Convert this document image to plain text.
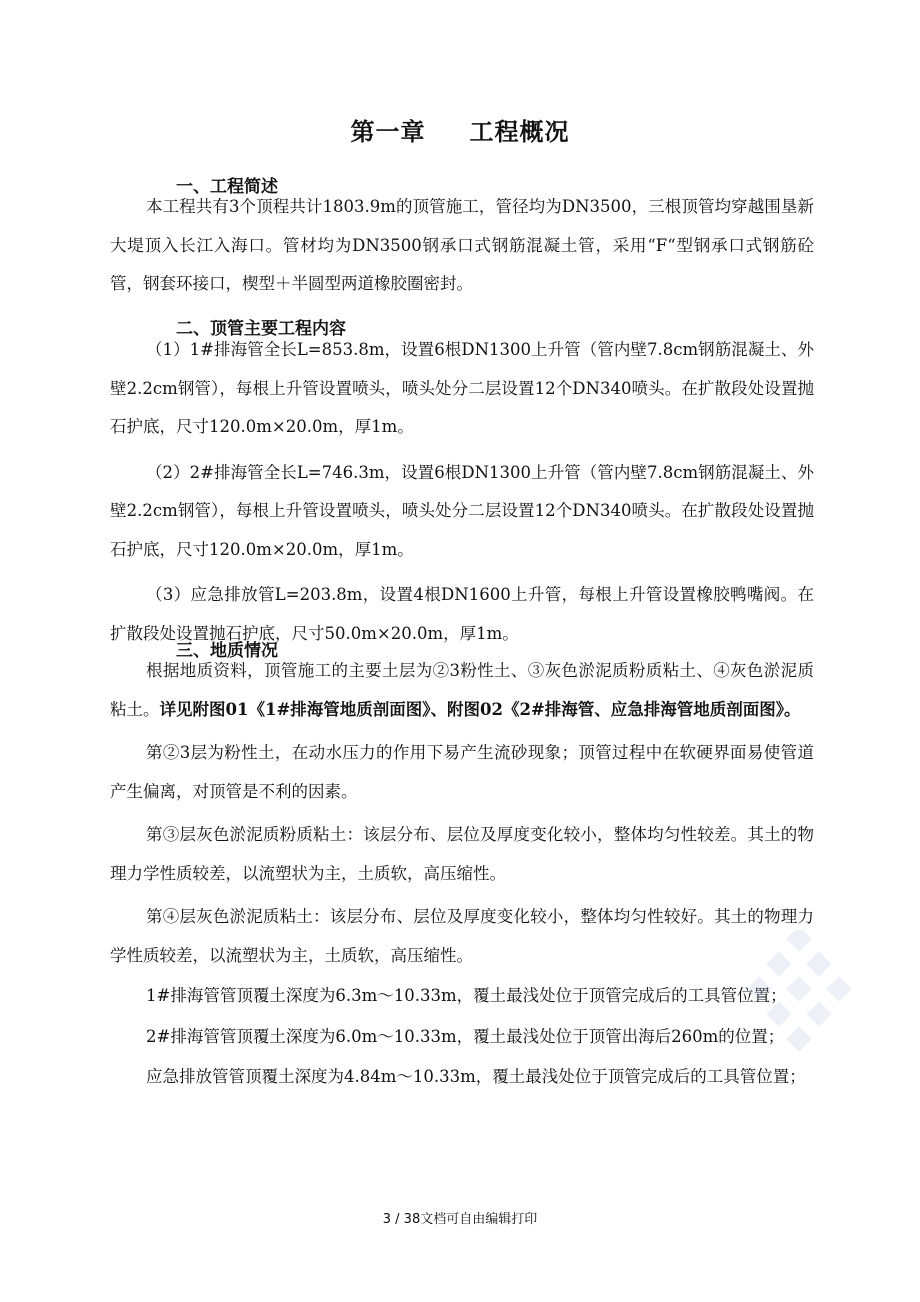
第一章 工程概况
一、工程简述

本工程共有3个顶程共计1803.9m的顶管施工，管径均为DN3500，三根顶管均穿越围垦新大堤顶入长江入海口。管材均为DN3500钢承口式钢筋混凝土管，采用“F“型钢承口式钢筋砼管，钢套环接口，楔型＋半圆型两道橡胶圈密封。

二、顶管主要工程内容

（1）1#排海管全长L=853.8m，设置6根DN1300上升管（管内壁7.8cm钢筋混凝土、外壁2.2cm钢管），每根上升管设置喷头，喷头处分二层设置12个DN340喷头。在扩散段处设置抛石护底，尺寸120.0m×20.0m，厚1m。

（2）2#排海管全长L=746.3m，设置6根DN1300上升管（管内壁7.8cm钢筋混凝土、外壁2.2cm钢管），每根上升管设置喷头，喷头处分二层设置12个DN340喷头。在扩散段处设置抛石护底，尺寸120.0m×20.0m，厚1m。

（3）应急排放管L=203.8m，设置4根DN1600上升管，每根上升管设置橡胶鸭嘴阀。在扩散段处设置抛石护底，尺寸50.0m×20.0m，厚1m。

三、地质情况

根据地质资料，顶管施工的主要土层为②3粉性土、③灰色淤泥质粉质粘土、④灰色淤泥质粘土。详见附图01《1#排海管地质剖面图》、附图02《2#排海管、应急排海管地质剖面图》。

第②3层为粉性土，在动水压力的作用下易产生流砂现象；顶管过程中在软硬界面易使管道产生偏离，对顶管是不利的因素。

第③层灰色淤泥质粉质粘土：该层分布、层位及厚度变化较小，整体均匀性较差。其土的物理力学性质较差，以流塑状为主，土质软，高压缩性。

第④层灰色淤泥质粘土：该层分布、层位及厚度变化较小，整体均匀性较好。其土的物理力学性质较差，以流塑状为主，土质软，高压缩性。

1#排海管管顶覆土深度为6.3m～10.33m，覆土最浅处位于顶管完成后的工具管位置；

2#排海管管顶覆土深度为6.0m～10.33m，覆土最浅处位于顶管出海后260m的位置；

应急排放管管顶覆土深度为4.84m～10.33m，覆土最浅处位于顶管完成后的工具管位置；

3 / 38文档可自由编辑打印
